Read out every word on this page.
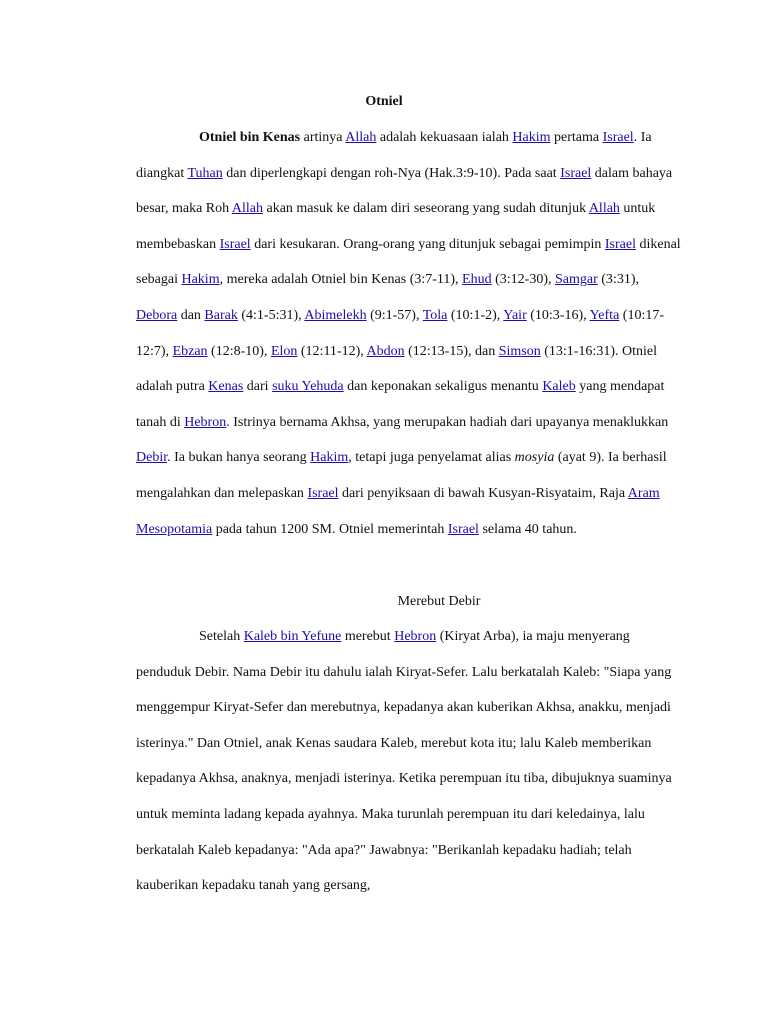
Otniel

Otniel bin Kenas artinya Allah adalah kekuasaan ialah Hakim pertama Israel. Ia diangkat Tuhan dan diperlengkapi dengan roh-Nya (Hak.3:9-10). Pada saat Israel dalam bahaya besar, maka Roh Allah akan masuk ke dalam diri seseorang yang sudah ditunjuk Allah untuk membebaskan Israel dari kesukaran. Orang-orang yang ditunjuk sebagai pemimpin Israel dikenal sebagai Hakim, mereka adalah Otniel bin Kenas (3:7-11), Ehud (3:12-30), Samgar (3:31), Debora dan Barak (4:1-5:31), Abimelekh (9:1-57), Tola (10:1-2), Yair (10:3-16), Yefta (10:17-12:7), Ebzan (12:8-10), Elon (12:11-12), Abdon (12:13-15), dan Simson (13:1-16:31). Otniel adalah putra Kenas dari suku Yehuda dan keponakan sekaligus menantu Kaleb yang mendapat tanah di Hebron. Istrinya bernama Akhsa, yang merupakan hadiah dari upayanya menaklukkan Debir. Ia bukan hanya seorang Hakim, tetapi juga penyelamat alias mosyia (ayat 9). Ia berhasil mengalahkan dan melepaskan Israel dari penyiksaan di bawah Kusyan-Risyataim, Raja Aram Mesopotamia pada tahun 1200 SM. Otniel memerintah Israel selama 40 tahun.

Merebut Debir

Setelah Kaleb bin Yefune merebut Hebron (Kiryat Arba), ia maju menyerang penduduk Debir. Nama Debir itu dahulu ialah Kiryat-Sefer. Lalu berkatalah Kaleb: "Siapa yang menggempur Kiryat-Sefer dan merebutnya, kepadanya akan kuberikan Akhsa, anakku, menjadi isterinya." Dan Otniel, anak Kenas saudara Kaleb, merebut kota itu; lalu Kaleb memberikan kepadanya Akhsa, anaknya, menjadi isterinya. Ketika perempuan itu tiba, dibujuknya suaminya untuk meminta ladang kepada ayahnya. Maka turunlah perempuan itu dari keledainya, lalu berkatalah Kaleb kepadanya: "Ada apa?" Jawabnya: "Berikanlah kepadaku hadiah; telah kauberikan kepadaku tanah yang gersang,
